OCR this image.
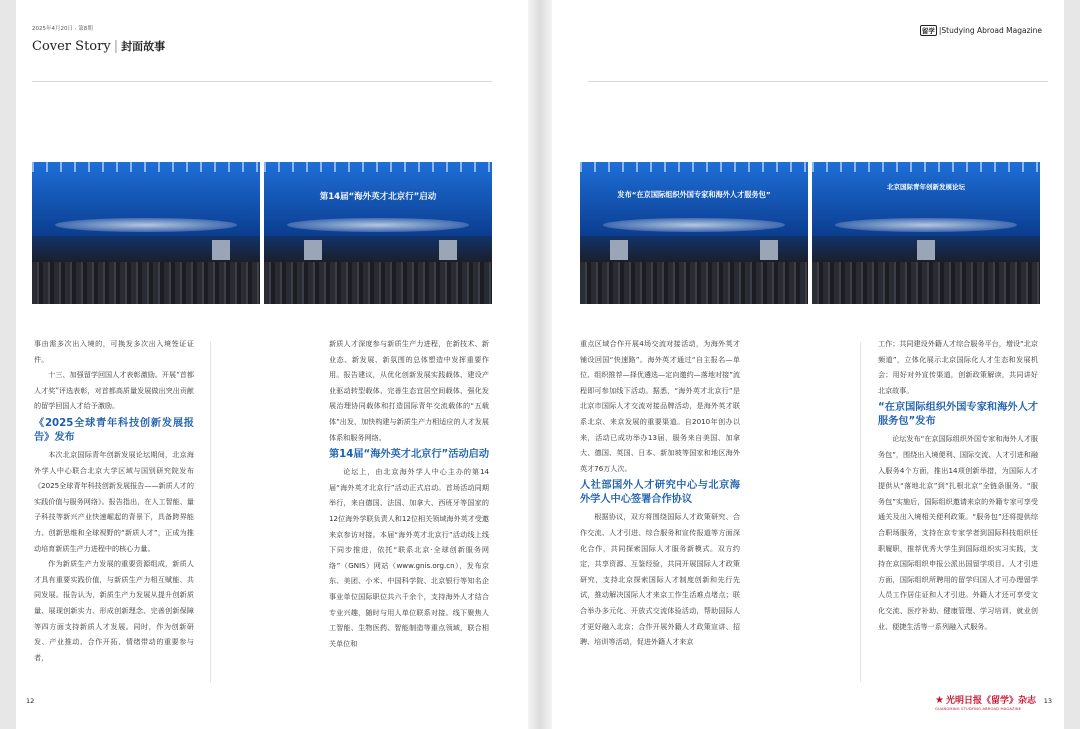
2025年4月20日 · 第8期
Cover Story | 封面故事
第14届“海外英才北京行”启动

事由需多次出入境的，可换发多次出入境签证证件。

十三、加强留学回国人才表彰激励。开展“首都人才奖”评选表彰，对首都高质量发展做出突出贡献的留学回国人才给予激励。

《2025全球青年科技创新发展报告》发布

本次北京国际青年创新发展论坛期间，北京海外学人中心联合北京大学区域与国别研究院发布《2025全球青年科技创新发展报告——新质人才的实践价值与服务网络》。报告指出，在人工智能、量子科技等新兴产业快速崛起的背景下，具备跨界能力、创新思维和全球视野的“新质人才”，正成为推动培育新质生产力进程中的核心力量。

作为新质生产力发展的重要资源组成，新质人才具有重要实践价值，与新质生产力相互赋能、共同发展。报告认为，新质生产力发展从提升创新质量、展现创新实力、形成创新理念、完善创新保障等四方面支持新质人才发展。同时，作为创新研发、产业推动、合作开拓、情绪带动的重要参与者，

新质人才深度参与新质生产力进程，在新技术、新业态、新发展、新氛围的总体塑造中发挥重要作用。报告建议，从优化创新发展实践载体、建设产业驱动转型载体、完善生态宜居空间载体、强化发展治理协同载体和打造国际青年交流载体的“五载体”出发，加快构建与新质生产力相适应的人才发展体系和服务网络。

第14届“海外英才北京行”活动启动

论坛上，由北京海外学人中心主办的第14届“海外英才北京行”活动正式启动。首场活动同期举行，来自德国、法国、加拿大、西班牙等国家的12位海外学联负责人和12位相关领域海外英才受邀来京参访对接。本届“海外英才北京行”活动线上线下同步推进，依托“联系北京·全球创新服务网络”（GNIS）网站（www.gnis.org.cn），发布京东、美团、小米、中国科学院、北京银行等知名企事业单位国际职位共六千余个，支持海外人才结合专业兴趣，随时与用人单位联系对接。线下聚焦人工智能、生物医药、智能制造等重点领域，联合相关单位和

12
留学 |Studying Abroad Magazine
发布“在京国际组织外国专家和海外人才服务包”
北京国际青年创新发展论坛

重点区域合作开展4场交流对接活动，为海外英才铺设回国“快速路”。海外英才通过“自主报名—单位、组织推荐—择优遴选—定向邀约—落地对接”流程即可参加线下活动。据悉，“海外英才北京行”是北京市国际人才交流对接品牌活动，是海外英才联系北京、来京发展的重要渠道。自2010年创办以来，活动已成功举办13届，服务来自美国、加拿大、德国、英国、日本、新加坡等国家和地区海外英才76万人次。

人社部国外人才研究中心与北京海外学人中心签署合作协议

根据协议，双方将围绕国际人才政策研究、合作交流、人才引进、综合服务和宣传报道等方面深化合作，共同探索国际人才服务新模式。双方约定，共享资源、互鉴经验，共同开展国际人才政策研究，支持北京探索国际人才制度创新和先行先试，推动解决国际人才来京工作生活难点堵点；联合举办多元化、开放式交流体验活动，帮助国际人才更好融入北京；合作开展外籍人才政策宣讲、招聘、培训等活动，促进外籍人才来京

工作；共同建设外籍人才综合服务平台，增设“北京频道”，立体化展示北京国际化人才生态和发展机会；用好对外宣传渠道，创新政策解读，共同讲好北京故事。

“在京国际组织外国专家和海外人才服务包”发布

论坛发布“在京国际组织外国专家和海外人才服务包”，围绕出入境便利、国际交流、人才引进和融入服务4个方面，推出14项创新举措，为国际人才提供从“落地北京”到“扎根北京”全链条服务。“服务包”实施后，国际组织邀请来京的外籍专家可享受通关及出入境相关便利政策。“服务包”还将提供综合职场服务，支持在京专家学者到国际科技组织任职履职，推荐优秀大学生到国际组织实习实践，支持在京国际组织申报公派出国留学项目。人才引进方面，国际组织所聘用的留学归国人才可办理留学人员工作居住证和人才引进。外籍人才还可享受文化交流、医疗补助、健康管理、学习培训、就业创业、便捷生活等一系列融入式服务。

★ 光明日报《留学》杂志
GUANGMING STUDYING ABROAD MAGAZINE
13
